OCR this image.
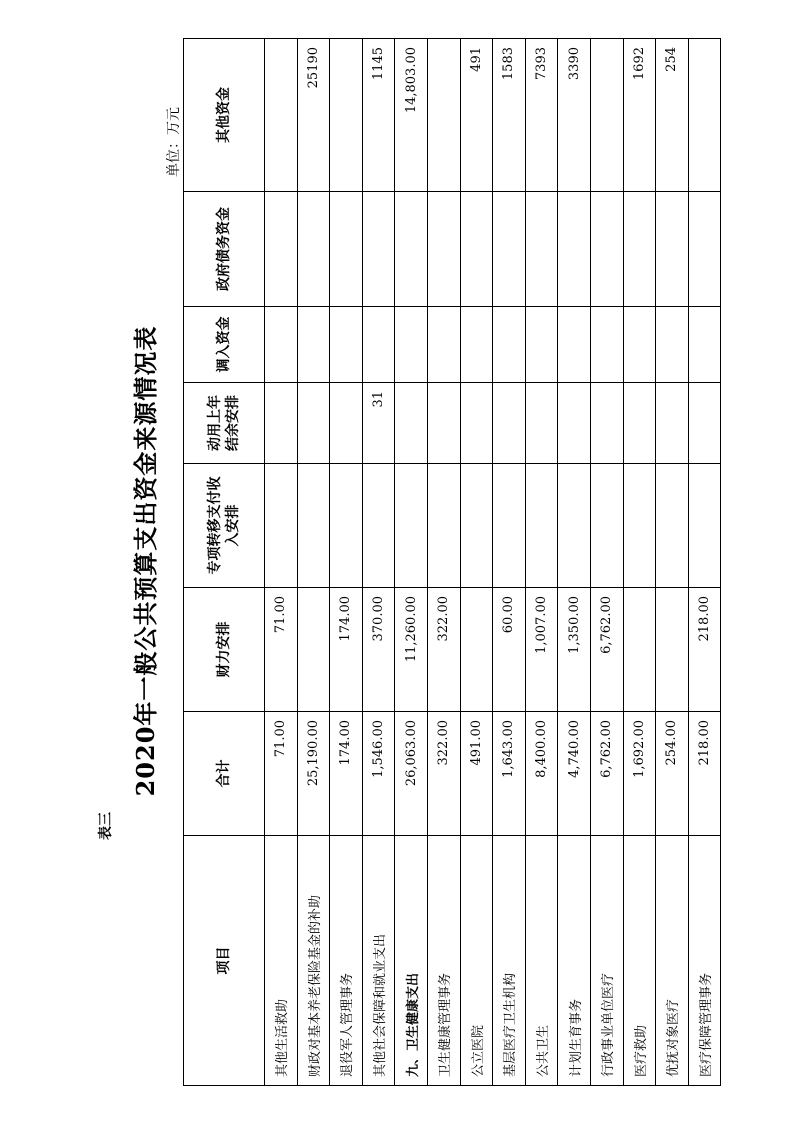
表三
2020年一般公共预算支出资金来源情况表
单位：万元
项目	合计	财力安排	专项转移支付收入安排	动用上年结余安排	调入资金	政府债务资金	其他资金
其他生活救助	71.00	71.00					
财政对基本养老保险基金的补助	25,190.00						25190
退役军人管理事务	174.00	174.00					
其他社会保障和就业支出	1,546.00	370.00		31			1145
九、卫生健康支出	26,063.00	11,260.00					14,803.00
卫生健康管理事务	322.00	322.00					
公立医院	491.00						491
基层医疗卫生机构	1,643.00	60.00					1583
公共卫生	8,400.00	1,007.00					7393
计划生育事务	4,740.00	1,350.00					3390
行政事业单位医疗	6,762.00	6,762.00					
医疗救助	1,692.00						1692
优抚对象医疗	254.00						254
医疗保障管理事务	218.00	218.00					
